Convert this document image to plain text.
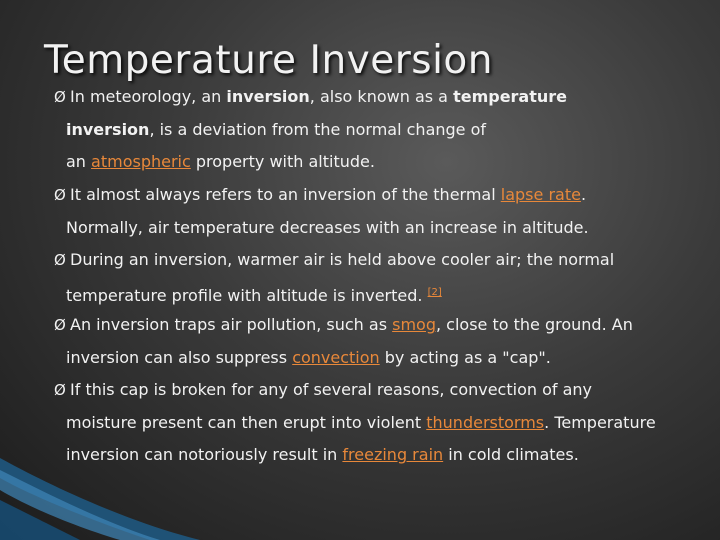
Temperature Inversion
Ø In meteorology, an inversion, also known as a temperature
inversion, is a deviation from the normal change of
an atmospheric property with altitude.
Ø It almost always refers to an inversion of the thermal lapse rate.
Normally, air temperature decreases with an increase in altitude.
Ø During an inversion, warmer air is held above cooler air; the normal
temperature profile with altitude is inverted. [2]
Ø An inversion traps air pollution, such as smog, close to the ground. An
inversion can also suppress convection by acting as a "cap".
Ø If this cap is broken for any of several reasons, convection of any
moisture present can then erupt into violent thunderstorms. Temperature
inversion can notoriously result in freezing rain in cold climates.
